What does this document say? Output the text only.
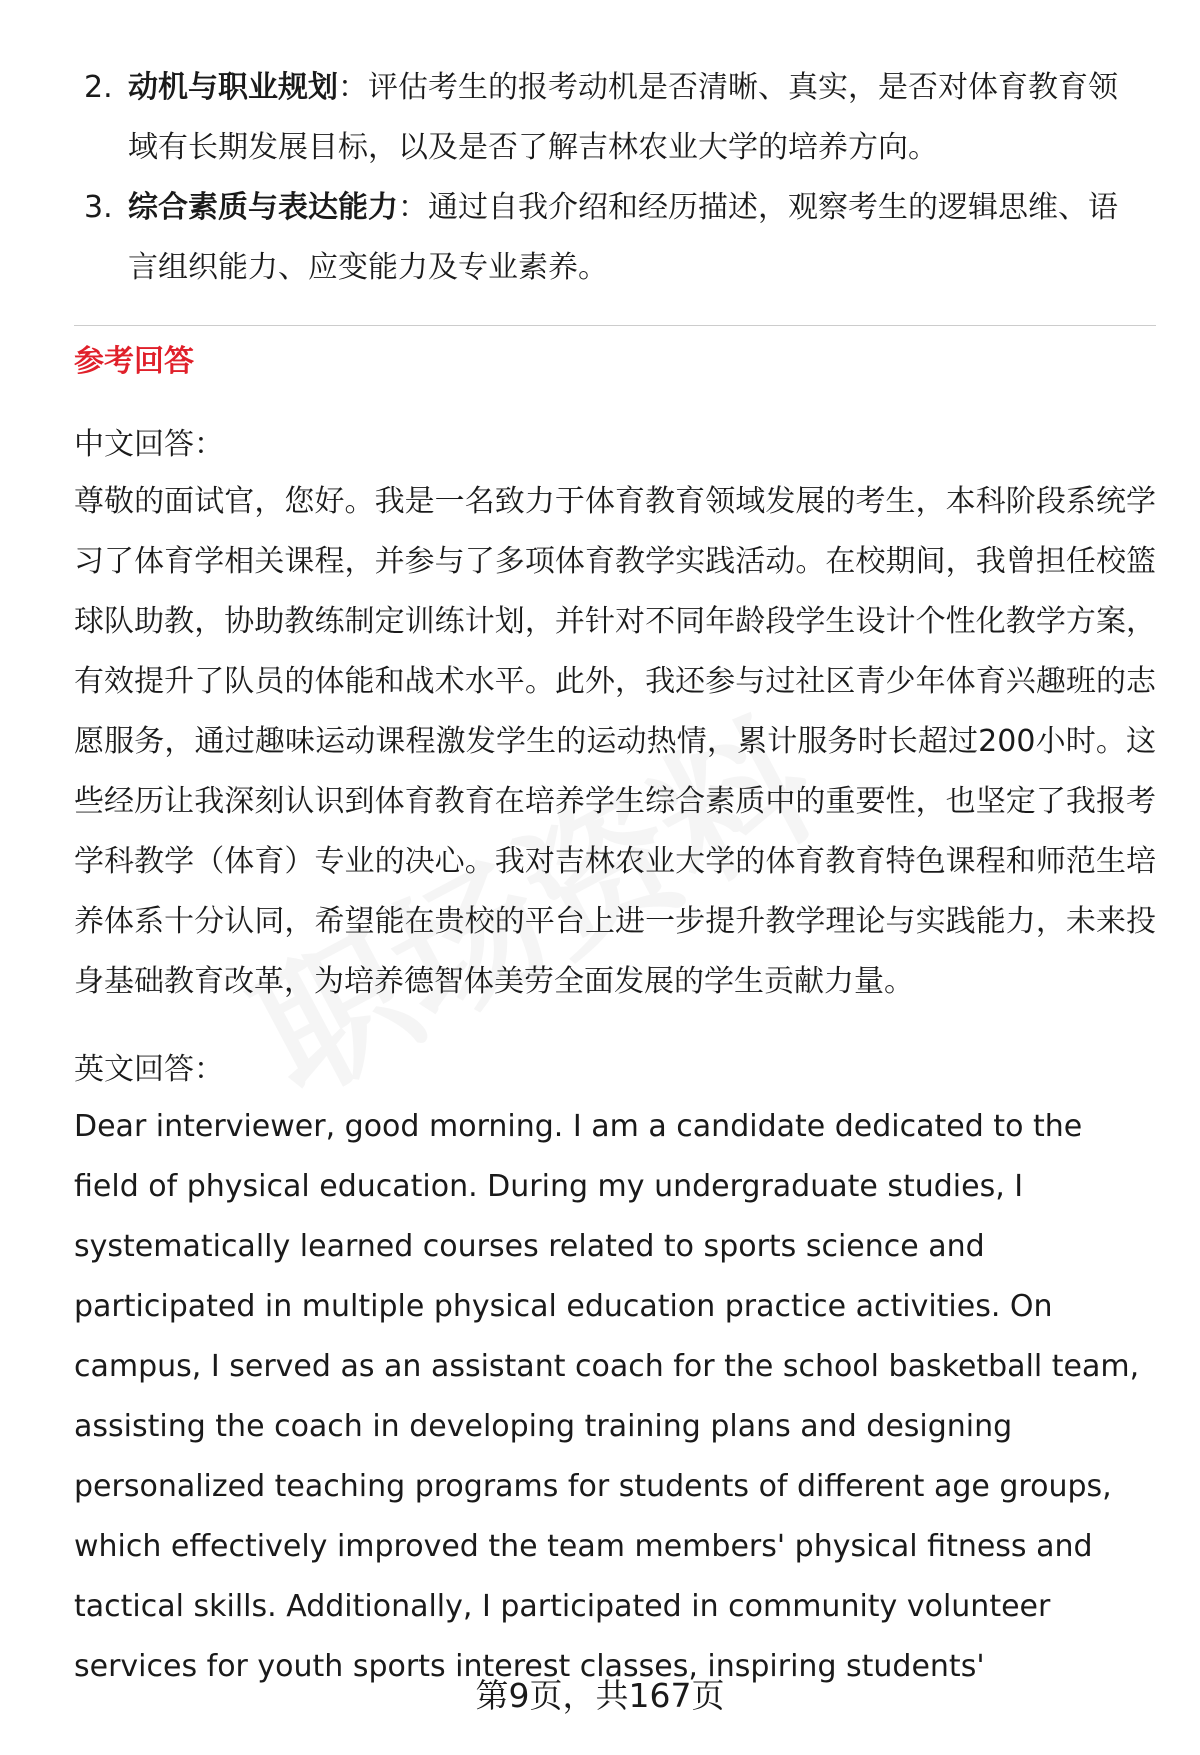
2. 动机与职业规划：评估考生的报考动机是否清晰、真实，是否对体育教育领域有长期发展目标，以及是否了解吉林农业大学的培养方向。
3. 综合素质与表达能力：通过自我介绍和经历描述，观察考生的逻辑思维、语言组织能力、应变能力及专业素养。
参考回答
中文回答：
尊敬的面试官，您好。我是一名致力于体育教育领域发展的考生，本科阶段系统学习了体育学相关课程，并参与了多项体育教学实践活动。在校期间，我曾担任校篮球队助教，协助教练制定训练计划，并针对不同年龄段学生设计个性化教学方案，有效提升了队员的体能和战术水平。此外，我还参与过社区青少年体育兴趣班的志愿服务，通过趣味运动课程激发学生的运动热情，累计服务时长超过200小时。这些经历让我深刻认识到体育教育在培养学生综合素质中的重要性，也坚定了我报考学科教学（体育）专业的决心。我对吉林农业大学的体育教育特色课程和师范生培养体系十分认同，希望能在贵校的平台上进一步提升教学理论与实践能力，未来投身基础教育改革，为培养德智体美劳全面发展的学生贡献力量。
英文回答：
Dear interviewer, good morning. I am a candidate dedicated to the field of physical education. During my undergraduate studies, I systematically learned courses related to sports science and participated in multiple physical education practice activities. On campus, I served as an assistant coach for the school basketball team, assisting the coach in developing training plans and designing personalized teaching programs for students of different age groups, which effectively improved the team members' physical fitness and tactical skills. Additionally, I participated in community volunteer services for youth sports interest classes, inspiring students'
第9页，共167页
